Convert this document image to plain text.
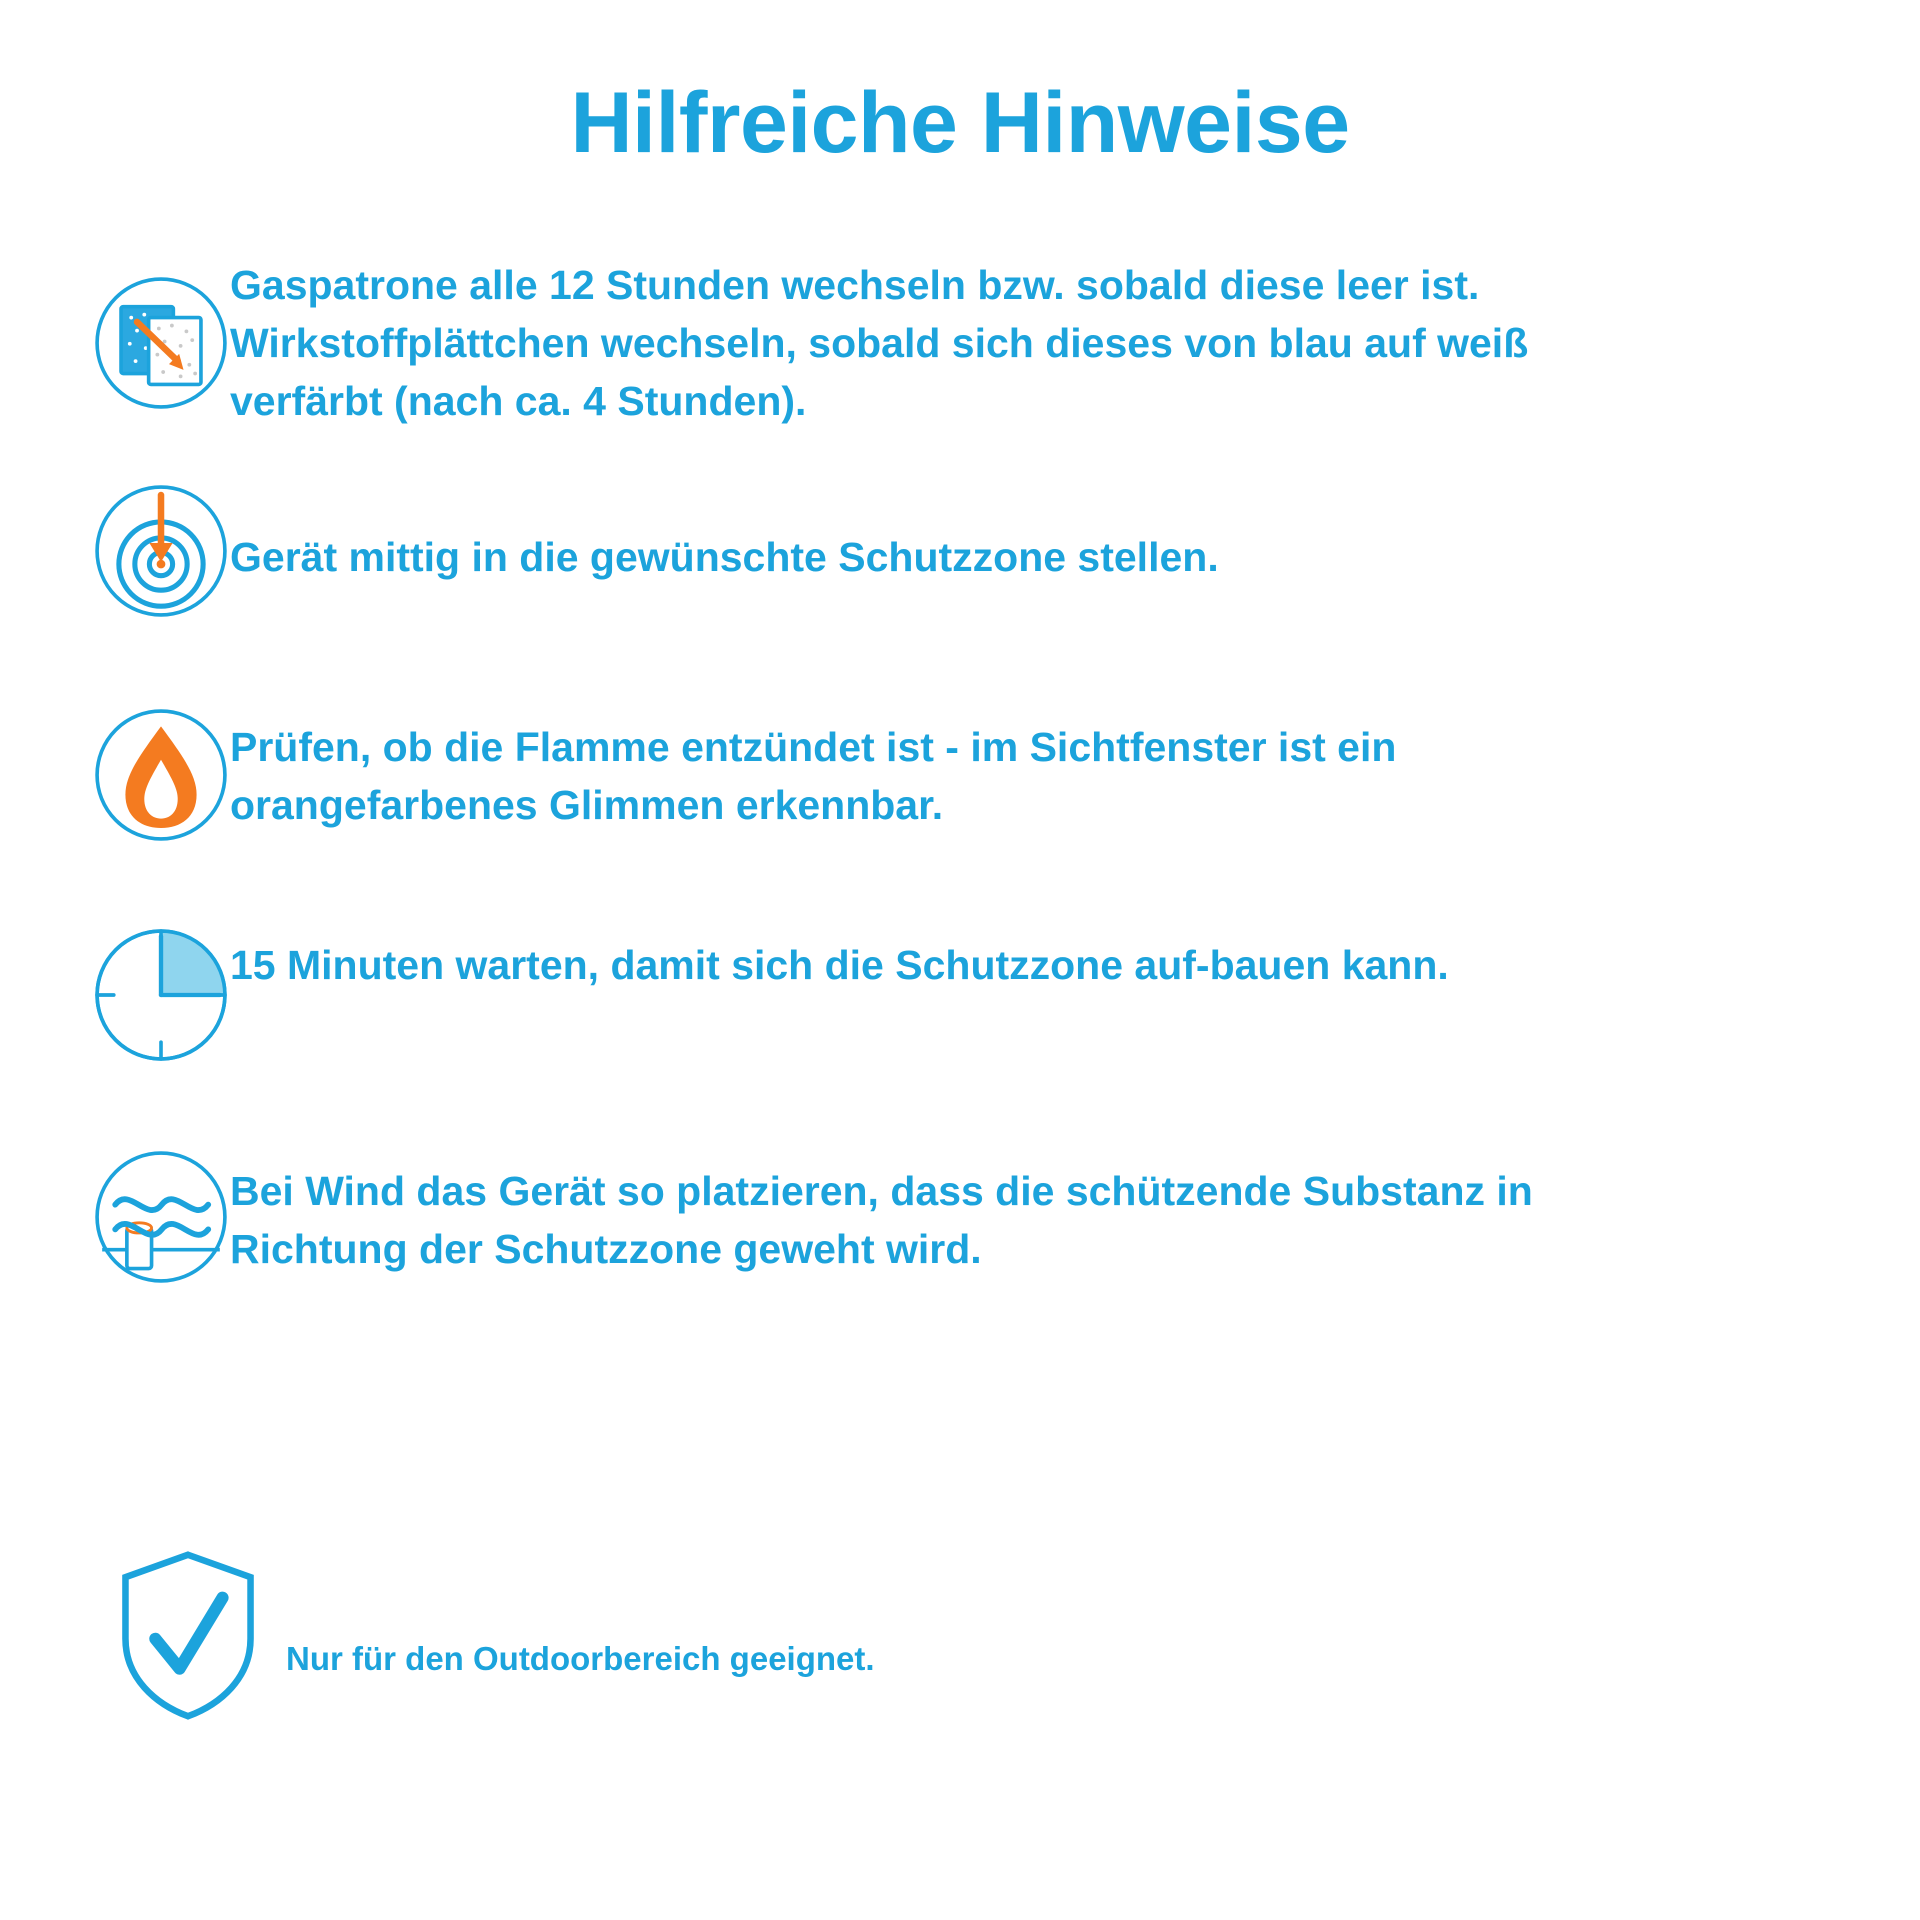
Hilfreiche Hinweise
Gaspatrone alle 12 Stunden wechseln bzw. sobald diese leer ist. Wirkstoffplättchen wechseln, sobald sich dieses von blau auf weiß verfärbt (nach ca. 4 Stunden).
Gerät mittig in die gewünschte Schutzzone stellen.
Prüfen, ob die Flamme entzündet ist - im Sichtfenster ist ein orangefarbenes Glimmen erkennbar.
15 Minuten warten, damit sich die Schutzzone auf-bauen kann.
Bei Wind das Gerät so platzieren, dass die schützende Substanz in Richtung der Schutzzone geweht wird.
Nur für den Outdoorbereich geeignet.
